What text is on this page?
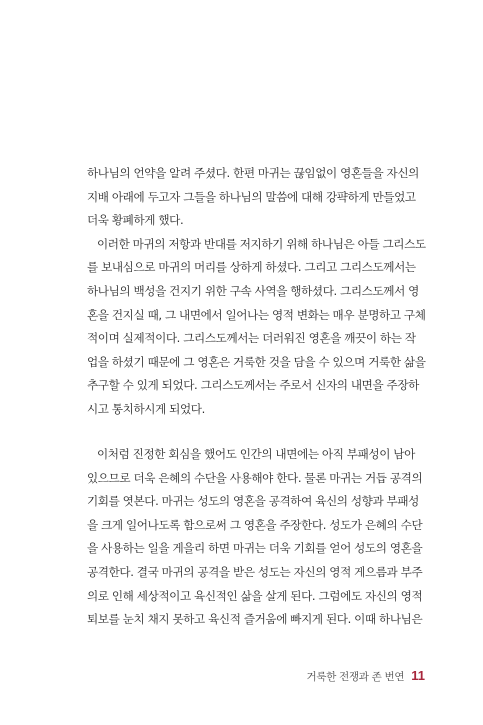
하나님의 언약을 알려 주셨다. 한편 마귀는 끊임없이 영혼들을 자신의
지배 아래에 두고자 그들을 하나님의 말씀에 대해 강퍅하게 만들었고
더욱 황폐하게 했다.
이러한 마귀의 저항과 반대를 저지하기 위해 하나님은 아들 그리스도
를 보내심으로 마귀의 머리를 상하게 하셨다. 그리고 그리스도께서는
하나님의 백성을 건지기 위한 구속 사역을 행하셨다. 그리스도께서 영
혼을 건지실 때, 그 내면에서 일어나는 영적 변화는 매우 분명하고 구체
적이며 실제적이다. 그리스도께서는 더러워진 영혼을 깨끗이 하는 작
업을 하셨기 때문에 그 영혼은 거룩한 것을 담을 수 있으며 거룩한 삶을
추구할 수 있게 되었다. 그리스도께서는 주로서 신자의 내면을 주장하
시고 통치하시게 되었다.
이처럼 진정한 회심을 했어도 인간의 내면에는 아직 부패성이 남아
있으므로 더욱 은혜의 수단을 사용해야 한다. 물론 마귀는 거듭 공격의
기회를 엿본다. 마귀는 성도의 영혼을 공격하여 육신의 성향과 부패성
을 크게 일어나도록 함으로써 그 영혼을 주장한다. 성도가 은혜의 수단
을 사용하는 일을 게을리 하면 마귀는 더욱 기회를 얻어 성도의 영혼을
공격한다. 결국 마귀의 공격을 받은 성도는 자신의 영적 게으름과 부주
의로 인해 세상적이고 육신적인 삶을 살게 된다. 그럼에도 자신의 영적
퇴보를 눈치 채지 못하고 육신적 즐거움에 빠지게 된다. 이때 하나님은
거룩한 전쟁과 존 번연 11
